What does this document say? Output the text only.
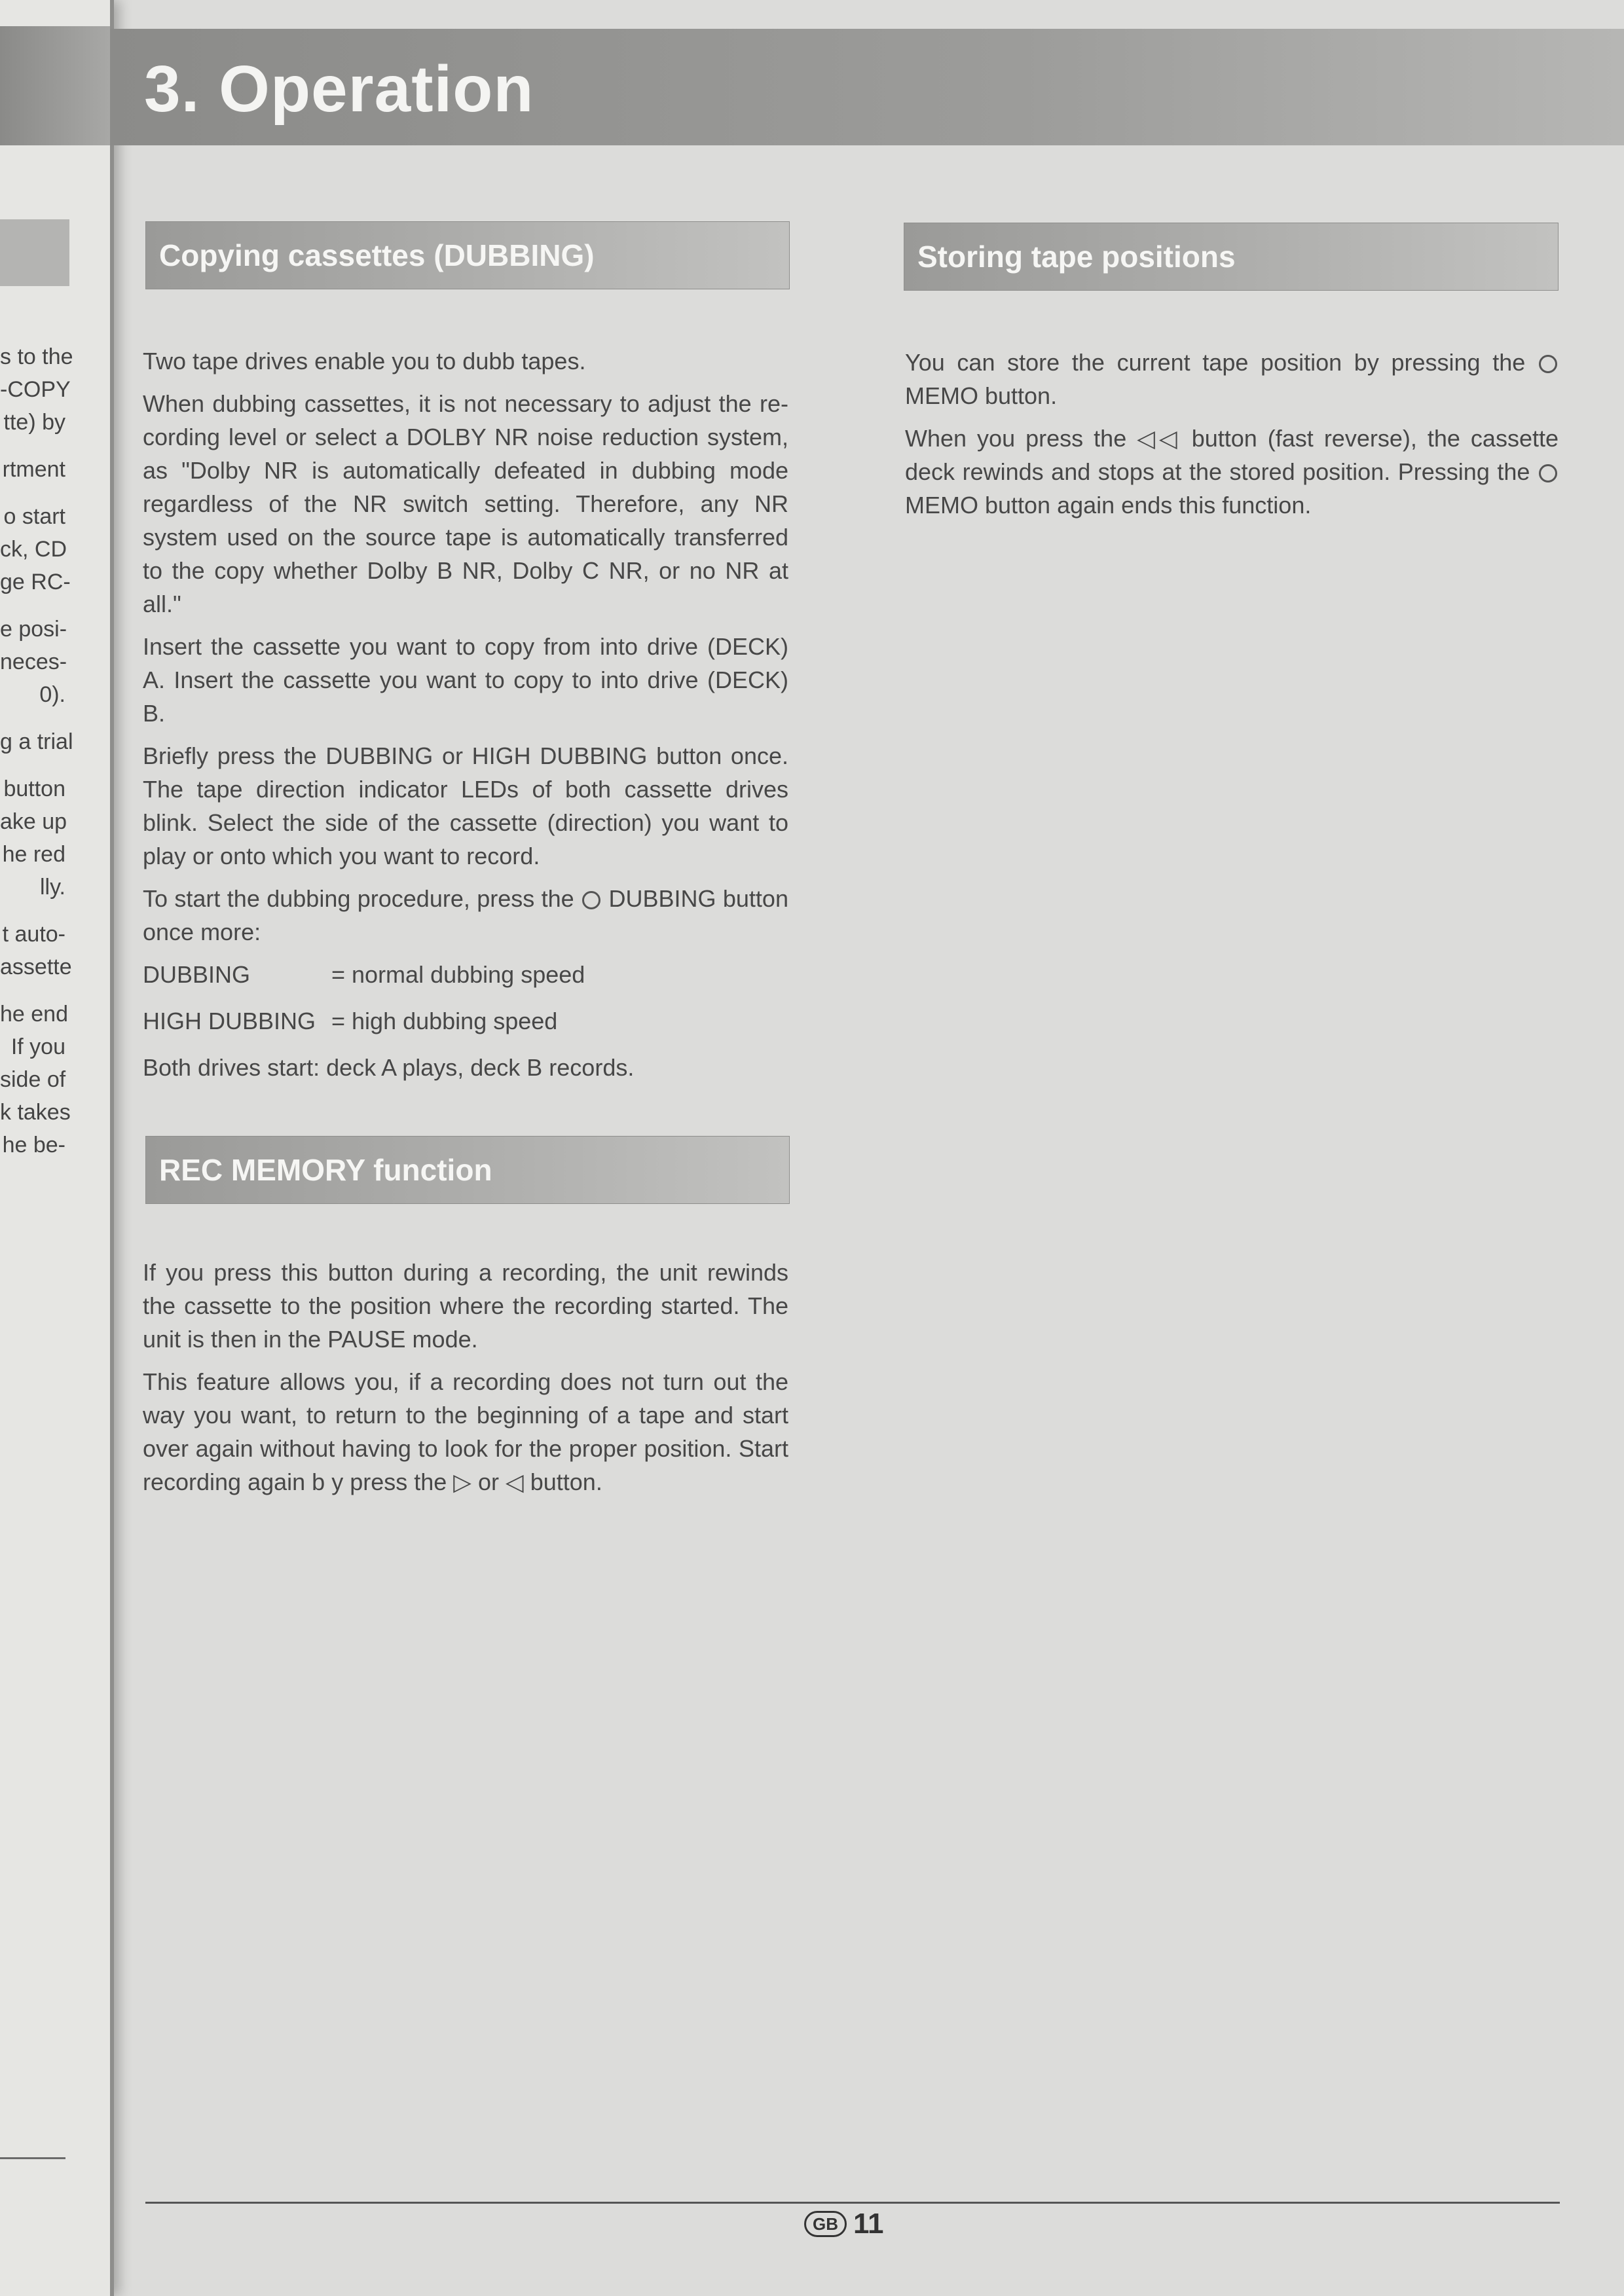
s to the
-COPY
tte) by
rtment
o start
ck, CD
ge RC-
e posi-
neces-
0).
g a trial
button
ake up
he red
lly.
t auto-
assette
he end
If you
side of
k takes
he be-
3. Operation
Copying cassettes (DUBBING)

Two tape drives enable you to dubb tapes.

When dubbing cassettes, it is not necessary to adjust the re-cording level or select a DOLBY NR noise reduction system, as "Dolby NR is automatically defeated in dubbing mode regardless of the NR switch setting. Therefore, any NR system used on the source tape is automatically transferred to the copy whether Dolby B NR, Dolby C NR, or no NR at all."

Insert the cassette you want to copy from into drive (DECK) A. Insert the cassette you want to copy to into drive (DECK) B.

Briefly press the DUBBING or HIGH DUBBING button once. The tape direction indicator LEDs of both cassette drives blink. Select the side of the cassette (direction) you want to play or onto which you want to record.

To start the dubbing procedure, press the DUBBING button once more:

DUBBING	= normal dubbing speed
HIGH DUBBING = high dubbing speed

Both drives start: deck A plays, deck B records.

REC MEMORY function

If you press this button during a recording, the unit rewinds the cassette to the position where the recording started. The unit is then in the PAUSE mode.

This feature allows you, if a recording does not turn out the way you want, to return to the beginning of a tape and start over again without having to look for the proper position. Start recording again b y press the ▷ or ◁ button.

Storing tape positions

You can store the current tape position by pressing the  MEMO button.

When you press the ◁◁ button (fast reverse), the cassette deck rewinds and stops at the stored position. Pressing the  MEMO button again ends this function.

GB 11
